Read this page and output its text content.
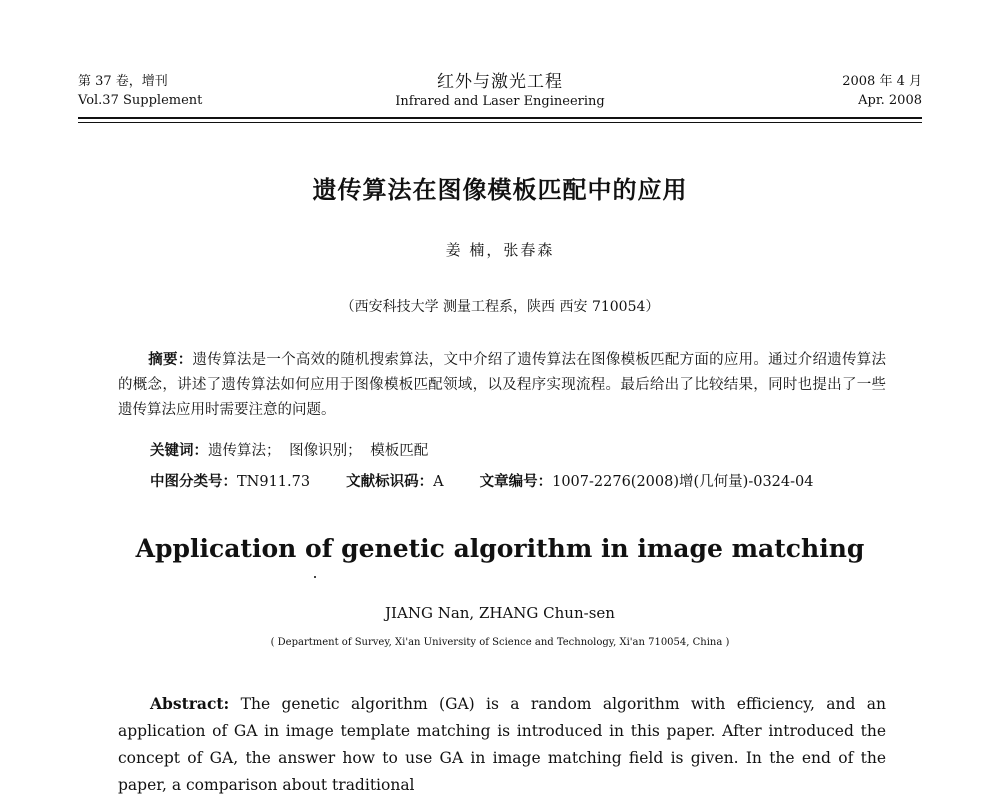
第 37 卷，增刊
Vol.37 Supplement
红外与激光工程
Infrared and Laser Engineering
2008 年 4 月
Apr. 2008
遗传算法在图像模板匹配中的应用
姜 楠，张春森
（西安科技大学 测量工程系，陕西 西安 710054）
摘要：遗传算法是一个高效的随机搜索算法，文中介绍了遗传算法在图像模板匹配方面的应用。通过介绍遗传算法的概念，讲述了遗传算法如何应用于图像模板匹配领域，以及程序实现流程。最后给出了比较结果，同时也提出了一些遗传算法应用时需要注意的问题。
关键词：遗传算法； 图像识别； 模板匹配
中图分类号：TN911.73 文献标识码：A 文章编号：1007-2276(2008)增(几何量)-0324-04
Application of genetic algorithm in image matching
JIANG Nan, ZHANG Chun-sen
( Department of Survey, Xi'an University of Science and Technology, Xi'an 710054, China )
Abstract: The genetic algorithm (GA) is a random algorithm with efficiency, and an application of GA in image template matching is introduced in this paper. After introduced the concept of GA, the answer how to use GA in image matching field is given. In the end of the paper, a comparison about traditional
